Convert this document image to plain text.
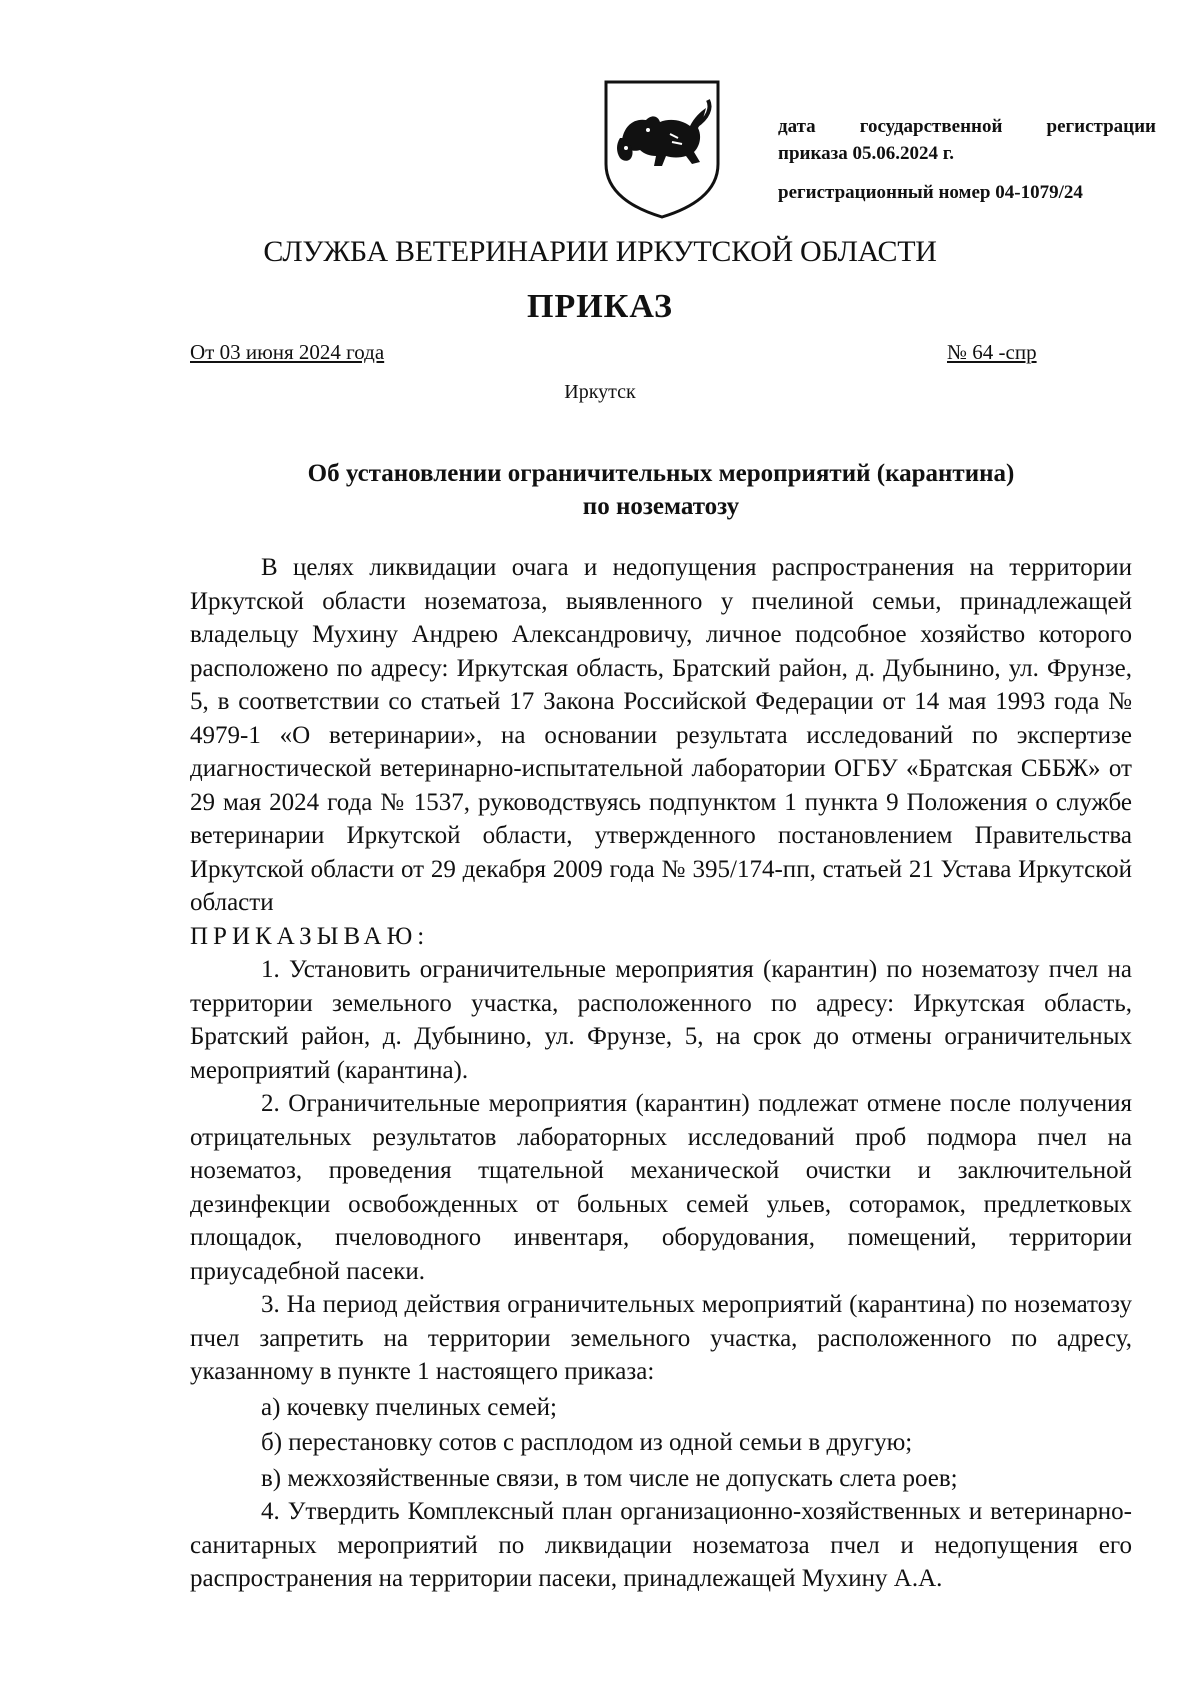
дата государственной регистрации
приказа 05.06.2024 г.
регистрационный номер 04-1079/24
СЛУЖБА ВЕТЕРИНАРИИ ИРКУТСКОЙ ОБЛАСТИ
ПРИКАЗ
От 03 июня 2024 года	№ 64 -спр
Иркутск
Об установлении ограничительных мероприятий (карантина)
по нозематозу

В целях ликвидации очага и недопущения распространения на территории Иркутской области нозематоза, выявленного у пчелиной семьи, принадлежащей владельцу Мухину Андрею Александровичу, личное подсобное хозяйство которого расположено по адресу: Иркутская область, Братский район, д. Дубынино, ул. Фрунзе, 5, в соответствии со статьей 17 Закона Российской Федерации от 14 мая 1993 года № 4979-1 «О ветеринарии», на основании результата исследований по экспертизе диагностической ветеринарно-испытательной лаборатории ОГБУ «Братская СББЖ» от 29 мая 2024 года № 1537, руководствуясь подпунктом 1 пункта 9 Положения о службе ветеринарии Иркутской области, утвержденного постановлением Правительства Иркутской области от 29 декабря 2009 года № 395/174-пп, статьей 21 Устава Иркутской области

ПРИКАЗЫВАЮ:

1. Установить ограничительные мероприятия (карантин) по нозематозу пчел на территории земельного участка, расположенного по адресу: Иркутская область, Братский район, д. Дубынино, ул. Фрунзе, 5, на срок до отмены ограничительных мероприятий (карантина).

2. Ограничительные мероприятия (карантин) подлежат отмене после получения отрицательных результатов лабораторных исследований проб подмора пчел на нозематоз, проведения тщательной механической очистки и заключительной дезинфекции освобожденных от больных семей ульев, сотoрамок, предлетковых площадок, пчеловодного инвентаря, оборудования, помещений, территории приусадебной пасеки.

3. На период действия ограничительных мероприятий (карантина) по нозематозу пчел запретить на территории земельного участка, расположенного по адресу, указанному в пункте 1 настоящего приказа:

а) кочевку пчелиных семей;

б) перестановку сотов с расплодом из одной семьи в другую;

в) межхозяйственные связи, в том числе не допускать слета роев;

4. Утвердить Комплексный план организационно-хозяйственных и ветеринарно-санитарных мероприятий по ликвидации нозематоза пчел и недопущения его распространения на территории пасеки, принадлежащей Мухину А.А.
